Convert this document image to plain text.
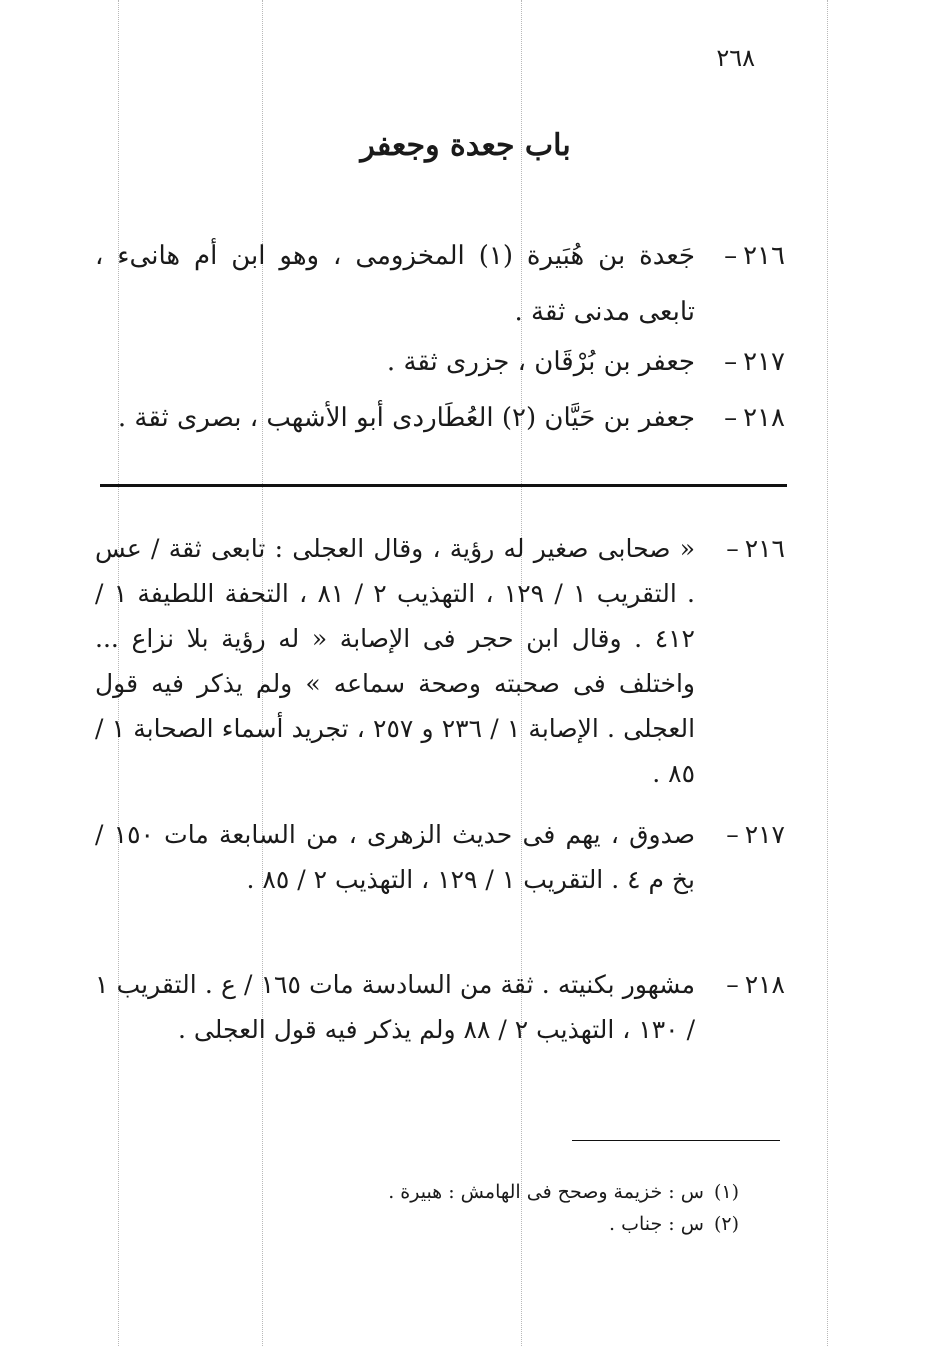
٢٦٨
باب جعدة وجعفر
٢١٦–
جَعدة بن هُبَيرة (١) المخزومى ، وهو ابن أم هانىء ، تابعى مدنى ثقة .
٢١٧–
جعفر بن بُرْقَان ، جزرى ثقة .
٢١٨–
جعفر بن حَيَّان (٢) العُطَاردى أبو الأشهب ، بصرى ثقة .
٢١٦–
« صحابى صغير له رؤية ، وقال العجلى : تابعى ثقة / عس . التقريب ١ / ١٢٩ ، التهذيب ٢ / ٨١ ، التحفة اللطيفة ١ / ٤١٢ . وقال ابن حجر فى الإصابة « له رؤية بلا نزاع ... واختلف فى صحبته وصحة سماعه » ولم يذكر فيه قول العجلى . الإصابة ١ / ٢٣٦ و ٢٥٧ ، تجريد أسماء الصحابة ١ / ٨٥ .
٢١٧–
صدوق ، يهم فى حديث الزهرى ، من السابعة مات ١٥٠ / بخ م ٤ . التقريب ١ / ١٢٩ ، التهذيب ٢ / ٨٥ .
٢١٨–
مشهور بكنيته . ثقة من السادسة مات ١٦٥ / ع . التقريب ١ / ١٣٠ ، التهذيب ٢ / ٨٨ ولم يذكر فيه قول العجلى .
(١)
س : خزيمة وصحح فى الهامش : هبيرة .
(٢)
س : جناب .
